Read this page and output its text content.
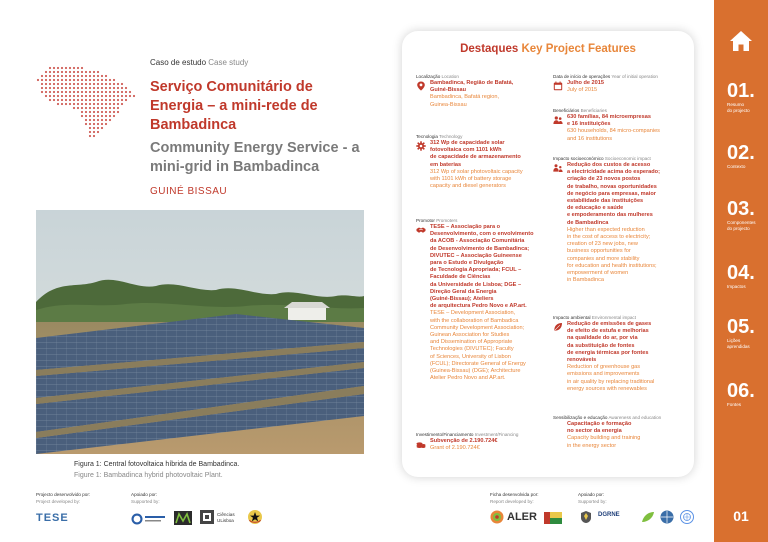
Caso de estudo Case study
Serviço Comunitário de Energia – a mini-rede de Bambadinca
Community Energy Service - a mini-grid in Bambadinca
GUINÉ BISSAU
Figura 1: Central fotovoltaica híbrida de Bambadinca.
Figure 1: Bambadinca hybrid photovoltaic Plant.
Destaques Key Project Features
Localização Location
Bambadinca, Região de Bafatá,
Guiné-Bissau
Bambadinca, Bafatá region,
Guinea-Bissau
Tecnologia Technology
312 Wp de capacidade solar
fotovoltaica com 1101 kWh
de capacidade de armazenamento
em baterias
312 Wp of solar photovoltaic capacity
with 1101 kWh of battery storage
capacity and diesel generators
Promotor Promoters
TESE – Associação para o
Desenvolvimento, com o envolvimento
da ACOB - Associação Comunitária
de Desenvolvimento de Bambadinca;
DIVUTEC – Associação Guineense
para o Estudo e Divulgação
de Tecnologia Apropriada; FCUL –
Faculdade de Ciências
da Universidade de Lisboa; DGE –
Direção Geral da Energia
(Guiné-Bissau); Ateliers
de arquitectura Pedro Novo e AP.art.
TESE – Development Association,
with the collaboration of Bambadica
Community Development Association;
Guinean Association for Studies
and Dissemination of Appropriate
Technologies (DIVUTEC); Faculty
of Sciences, University of Lisbon
(FCUL); Directorate General of Energy
(Guinea-Bissau) (DGE); Architecture
Atelier Pedro Novo and AP.art.
Investimento/Financiamento Investment/Financing
Subvenção de 2.190.724€
Grant of 2.190.724€
Data de início de operações Year of initial operation
Julho de 2015
July of 2015
Beneficiários Beneficiaries
630 famílias, 84 microempresas
e 16 instituições
630 households, 84 micro-companies
and 16 institutions
Impacto socioeconómico Socioeconomic impact
Redução dos custos de acesso
a electricidade acima do esperado;
criação de 23 novos postos
de trabalho, novas oportunidades
de negócio para empresas, maior
estabilidade das instituições
de educação e saúde
e empoderamento das mulheres
de Bambadinca
Higher than expected reduction
in the cost of access to electricity;
creation of 23 new jobs, new
business opportunities for
companies and more stability
for education and health institutions;
empowerment of women
in Bambadinca
Impacto ambiental Environmental impact
Redução de emissões de gases
de efeito de estufa e melhorias
na qualidade do ar, por via
da substituição de fontes
de energia térmicas por fontes
renováveis
Reduction of greenhouse gas
emissions and improvements
in air quality by replacing traditional
energy sources with renewables
Sensibilização e educação Awareness and education
Capacitação e formação
no sector da energia
Capacity building and training
in the energy sector
01.
Resumo
do projecto
02.
Contexto
03.
Componentes
do projecto
04.
Impactos
05.
Lições
aprendidas
06.
Fontes
01
Projecto desenvolvido por:
Project developed by:
Apoiado por:
Supported by:
Ficha desenvolvida por:
Report developed by:
Apoiado por:
Supported by:
TESE	Ciências ULisboa	ALER	DGRNE
